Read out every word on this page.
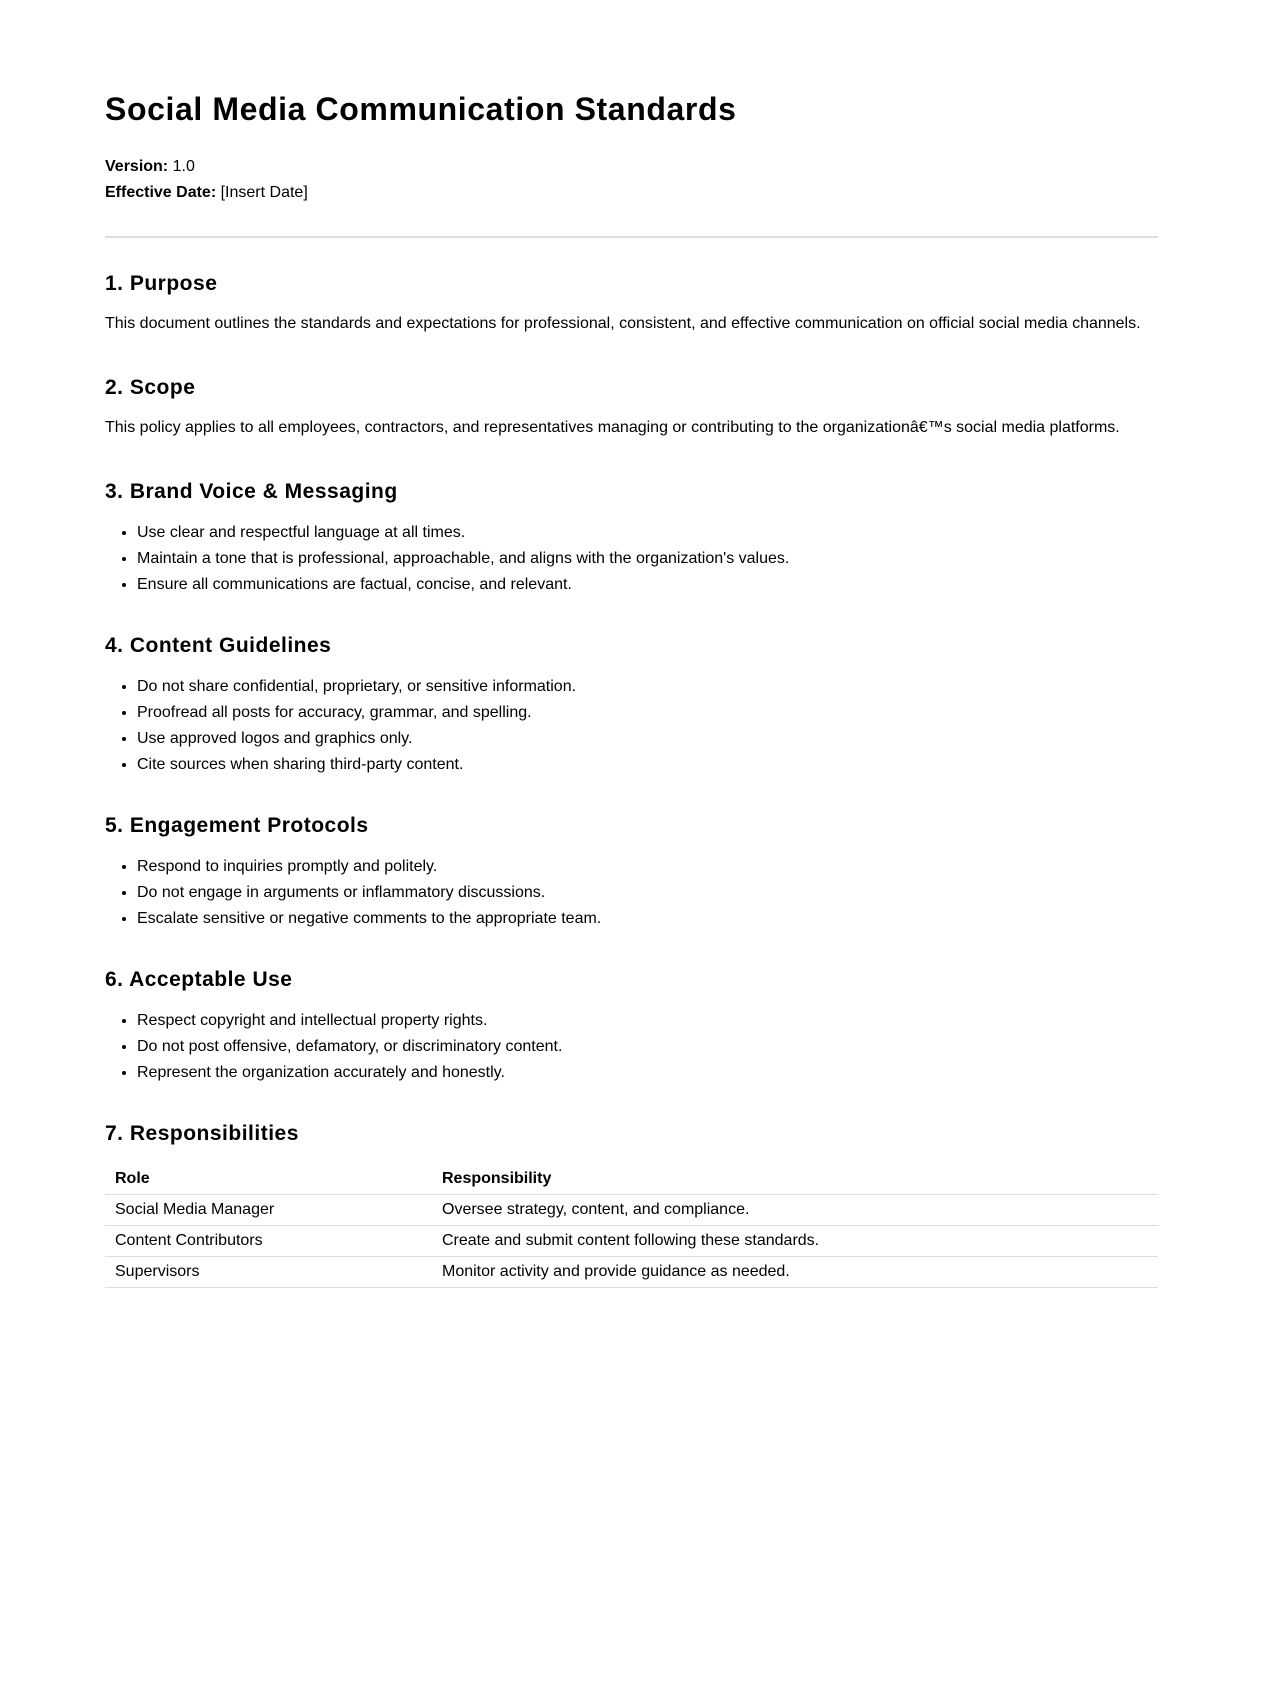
Social Media Communication Standards
Version: 1.0
Effective Date: [Insert Date]
1. Purpose

This document outlines the standards and expectations for professional, consistent, and effective communication on official social media channels.

2. Scope

This policy applies to all employees, contractors, and representatives managing or contributing to the organizationâ€™s social media platforms.

3. Brand Voice & Messaging
• Use clear and respectful language at all times.
• Maintain a tone that is professional, approachable, and aligns with the organization's values.
• Ensure all communications are factual, concise, and relevant.
4. Content Guidelines
• Do not share confidential, proprietary, or sensitive information.
• Proofread all posts for accuracy, grammar, and spelling.
• Use approved logos and graphics only.
• Cite sources when sharing third-party content.
5. Engagement Protocols
• Respond to inquiries promptly and politely.
• Do not engage in arguments or inflammatory discussions.
• Escalate sensitive or negative comments to the appropriate team.
6. Acceptable Use
• Respect copyright and intellectual property rights.
• Do not post offensive, defamatory, or discriminatory content.
• Represent the organization accurately and honestly.
7. Responsibilities
Role	Responsibility
Social Media Manager	Oversee strategy, content, and compliance.
Content Contributors	Create and submit content following these standards.
Supervisors	Monitor activity and provide guidance as needed.
